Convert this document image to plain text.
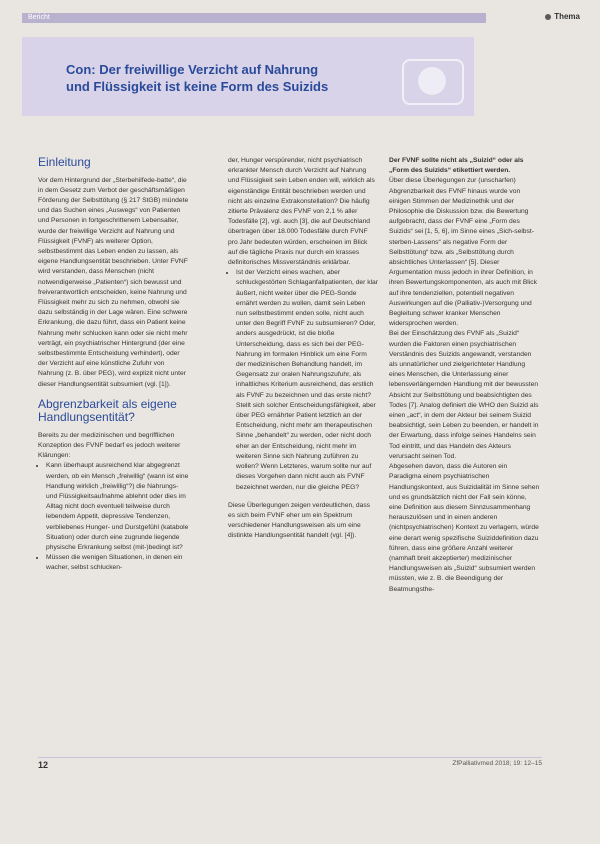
Bericht	Thema
Con: Der freiwillige Verzicht auf Nahrung
und Flüssigkeit ist keine Form des Suizids
Einleitung

Vor dem Hintergrund der „Sterbehilfede-batte“, die in dem Gesetz zum Verbot der geschäftsmäßigen Förderung der Selbsttötung (§ 217 StGB) mündete und das Suchen eines „Auswegs“ von Patienten und Personen in fortgeschrittenem Lebensalter, wurde der freiwillige Verzicht auf Nahrung und Flüssigkeit (FVNF) als weiterer Option, selbstbestimmt das Leben enden zu lassen, als eigene Handlungsentität beschrieben. Unter FVNF wird verstanden, dass Menschen (nicht notwendigerweise „Patienten“) sich bewusst und freiverantwortlich entscheiden, keine Nahrung und Flüssigkeit mehr zu sich zu nehmen, obwohl sie dazu selbständig in der Lage wären. Eine schwere Erkrankung, die dazu führt, dass ein Patient keine Nahrung mehr schlucken kann oder sie nicht mehr verträgt, ein psychiatrischer Hintergrund (der eine selbstbestimmte Entscheidung verhindert), oder der Verzicht auf eine künstliche Zufuhr von Nahrung (z. B. über PEG), wird explizit nicht unter dieser Handlungsentität subsumiert (vgl. [1]).

Abgrenzbarkeit als eigene Handlungsentität?

Bereits zu der medizinischen und begrifflichen Konzeption des FVNF bedarf es jedoch weiterer Klärungen:

• Kann überhaupt ausreichend klar abgegrenzt werden, ob ein Mensch „freiwillig“ (wann ist eine Handlung wirklich „freiwillig“?) die Nahrungs- und Flüssigkeitsaufnahme ablehnt oder dies im Alltag nicht doch eventuell teilweise durch lebendem Appetit, depressive Tendenzen, verbliebenes Hunger- und Durstgefühl (katabole Situation) oder durch eine zugrunde liegende physische Erkrankung selbst (mit-)bedingt ist?
• Müssen die wenigen Situationen, in denen ein wacher, selbst schlucken-

der, Hunger verspürender, nicht psychiatrisch erkrankter Mensch durch Verzicht auf Nahrung und Flüssigkeit sein Leben enden will, wirklich als eigenständige Entität beschrieben werden und nicht als einzelne Extrakonstellation? Die häufig zitierte Prävalenz des FVNF von 2,1 % aller Todesfälle [2], vgl. auch [3], die auf Deutschland übertragen über 18.000 Todesfälle durch FVNF pro Jahr bedeuten würden, erscheinen im Blick auf die tägliche Praxis nur durch ein krasses definitorisches Missverständnis erklärbar.

• Ist der Verzicht eines wachen, aber schluckgestörten Schlaganfallpatienten, der klar äußert, nicht weiter über die PEG-Sonde ernährt werden zu wollen, damit sein Leben nun selbstbestimmt enden solle, nicht auch unter den Begriff FVNF zu subsumieren? Oder, anders ausgedrückt, ist die bloße Unterscheidung, dass es sich bei der PEG-Nahrung im formalen Hinblick um eine Form der medizinischen Behandlung handelt, im Gegensatz zur oralen Nahrungszufuhr, als inhaltliches Kriterium ausreichend, das erstlich als FVNF zu bezeichnen und das erste nicht? Stellt sich solcher Entscheidungsfähigkeit, aber über PEG ernährter Patient letztlich an der Entscheidung, nicht mehr am therapeutischen Sinne „behandelt“ zu werden, oder nicht doch eher an der Entscheidung, nicht mehr im weiteren Sinne sich Nahrung zuführen zu wollen? Wenn Letzteres, warum sollte nur auf dieses Vorgehen dann nicht auch als FVNF bezeichnet werden, nur die gleiche PEG?

Diese Überlegungen zeigen verdeutlichen, dass es sich beim FVNF eher um ein Spektrum verschiedener Handlungsweisen als um eine distinkte Handlungsentität handelt (vgl. [4]).

Der FVNF sollte nicht als „Suizid“ oder als „Form des Suizids“ etikettiert werden.

Über diese Überlegungen zur (unscharfen) Abgrenzbarkeit des FVNF hinaus wurde von einigen Stimmen der Medizinethik und der Philosophie die Diskussion bzw. die Bewertung aufgebracht, dass der FVNF eine „Form des Suizids“ sei [1, 5, 6], im Sinne eines „Sich-selbst-sterben-Lassens“ als negative Form der Selbsttötung“ bzw. als „Selbsttötung durch absichtliches Unterlassen“ [5]. Dieser Argumentation muss jedoch in ihrer Definition, in ihren Bewertungskomponenten, als auch mit Blick auf ihre tendenziellen, potentiell negativen Auswirkungen auf die (Palliativ-)Versorgung und Begleitung schwer kranker Menschen widersprochen werden.

Bei der Einschätzung des FVNF als „Suizid“ wurden die Faktoren einen psychiatrischen Verständnis des Suizids angewandt, verstanden als unnatürlicher und zielgerichteter Handlung eines Menschen, die Unterlassung einer lebensverlängernden Handlung mit der bewussten Absicht zur Selbsttötung und beabsichtigten des Todes [7]. Analog definiert die WHO den Suizid als einen „act“, in dem der Akteur bei seinem Suizid beabsichtigt, sein Leben zu beenden, er handelt in der Erwartung, dass infolge seines Handelns sein Tod eintritt, und das Handeln des Akteurs verursacht seinen Tod.

Abgesehen davon, dass die Autoren ein Paradigma einem psychiatrischen Handlungskontext, aus Suizidalität im Sinne sehen und es grundsätzlich nicht der Fall sein könne, eine Definition aus diesem Sinnzusammenhang herauszulösen und in einen anderen (nichtpsychiatrischen) Kontext zu verlagern, würde eine derart wenig spezifische Suiziddefinition dazu führen, dass eine größere Anzahl weiterer (namhaft breit akzeptierter) medizinischer Handlungsweisen als „Suizid“ subsumiert werden müssten, wie z. B. die Beendigung der Beatmungsthe-

12	ZfPalliativmed 2018; 19: 12–15
